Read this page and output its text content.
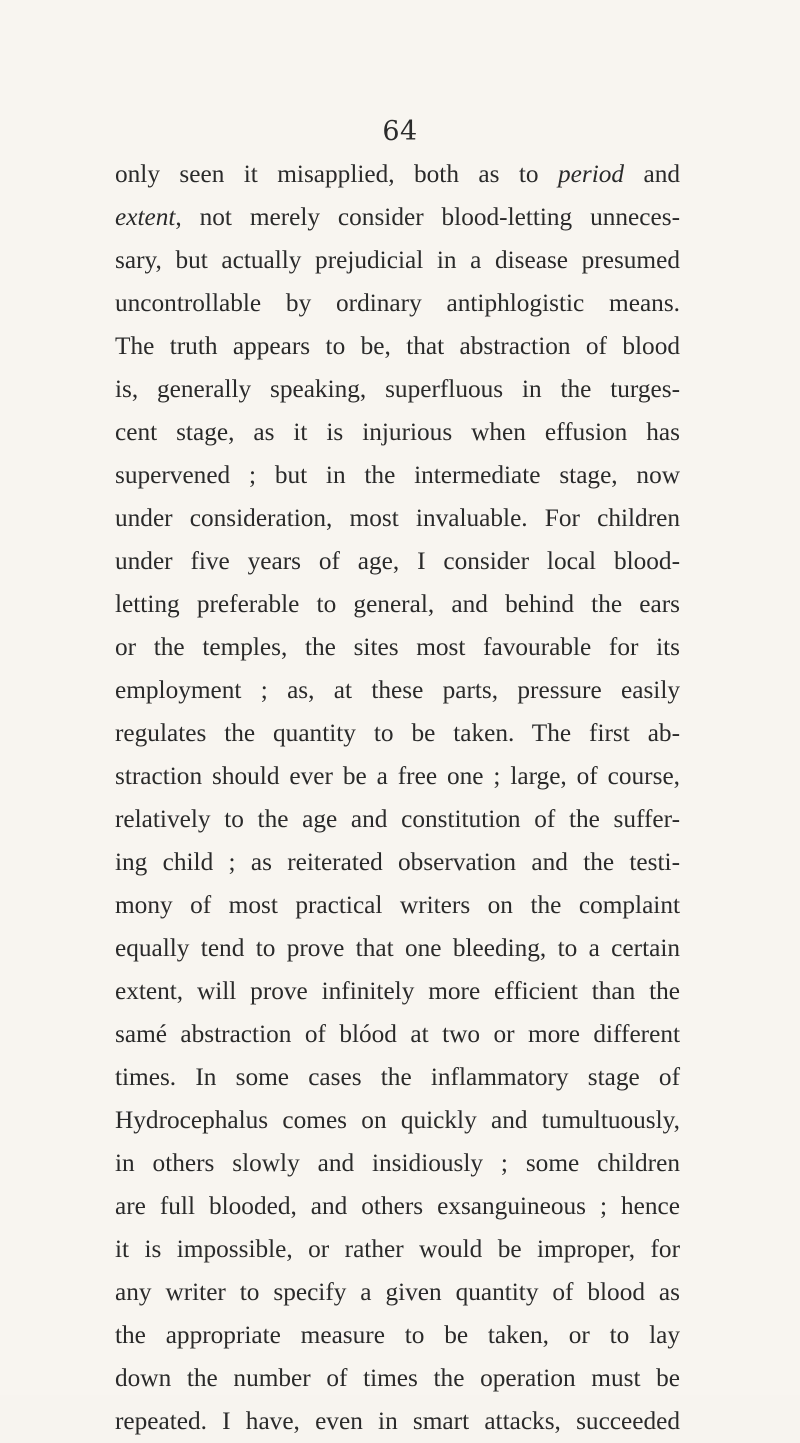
64
only seen it misapplied, both as to period and
extent, not merely consider blood-letting unneces-
sary, but actually prejudicial in a disease presumed
uncontrollable by ordinary antiphlogistic means.
The truth appears to be, that abstraction of blood
is, generally speaking, superfluous in the turges-
cent stage, as it is injurious when effusion has
supervened ; but in the intermediate stage, now
under consideration, most invaluable. For children
under five years of age, I consider local blood-
letting preferable to general, and behind the ears
or the temples, the sites most favourable for its
employment ; as, at these parts, pressure easily
regulates the quantity to be taken. The first ab-
straction should ever be a free one ; large, of course,
relatively to the age and constitution of the suffer-
ing child ; as reiterated observation and the testi-
mony of most practical writers on the complaint
equally tend to prove that one bleeding, to a certain
extent, will prove infinitely more efficient than the
samé abstraction of blóod at two or more different
times. In some cases the inflammatory stage of
Hydrocephalus comes on quickly and tumultuously,
in others slowly and insidiously ; some children
are full blooded, and others exsanguineous ; hence
it is impossible, or rather would be improper, for
any writer to specify a given quantity of blood as
the appropriate measure to be taken, or to lay
down the number of times the operation must be
repeated. I have, even in smart attacks, succeeded
